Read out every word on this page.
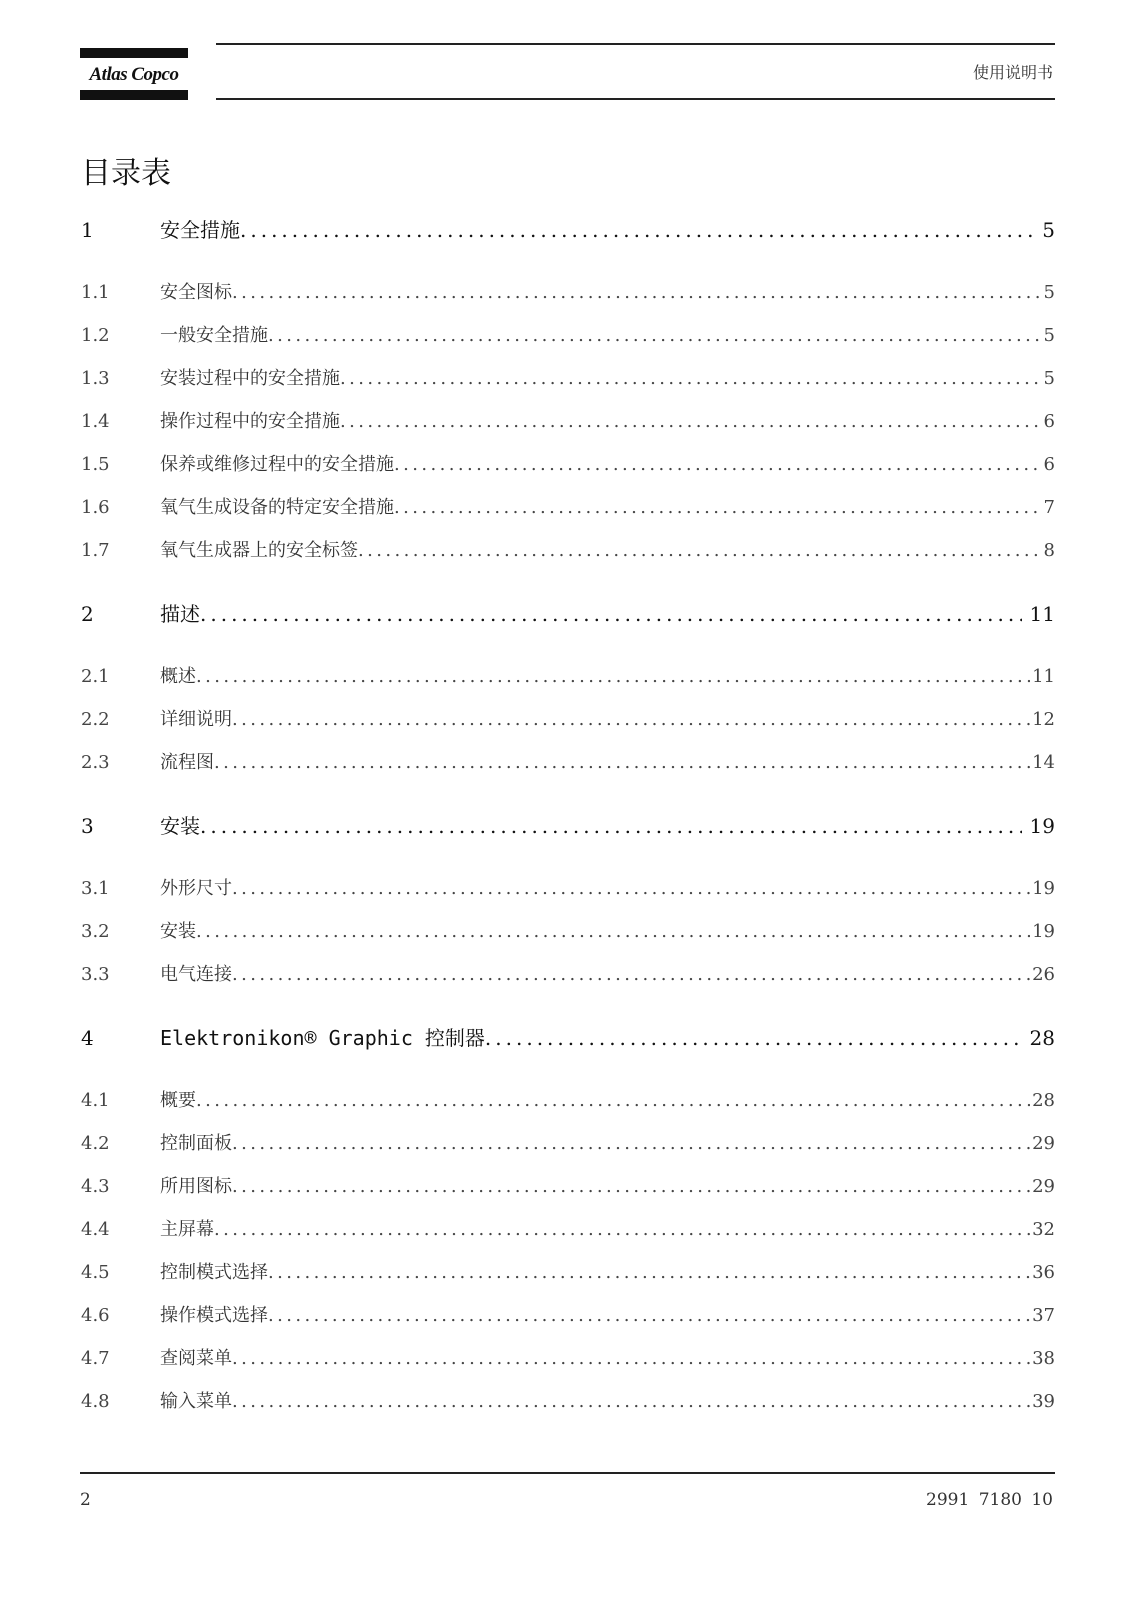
Atlas Copco	使用说明书
目录表
1	安全措施 .....	5
1.1	安全图标 .....	5
1.2	一般安全措施 .....	5
1.3	安装过程中的安全措施 .....	5
1.4	操作过程中的安全措施 .....	6
1.5	保养或维修过程中的安全措施 .....	6
1.6	氧气生成设备的特定安全措施 .....	7
1.7	氧气生成器上的安全标签 .....	8
2	描述 .....	11
2.1	概述 .....	11
2.2	详细说明 .....	12
2.3	流程图 .....	14
3	安装 .....	19
3.1	外形尺寸 .....	19
3.2	安装 .....	19
3.3	电气连接 .....	26
4	Elektronikon® Graphic 控制器 .....	28
4.1	概要 .....	28
4.2	控制面板 .....	29
4.3	所用图标 .....	29
4.4	主屏幕 .....	32
4.5	控制模式选择 .....	36
4.6	操作模式选择 .....	37
4.7	查阅菜单 .....	38
4.8	输入菜单 .....	39
2	2991 7180 10
